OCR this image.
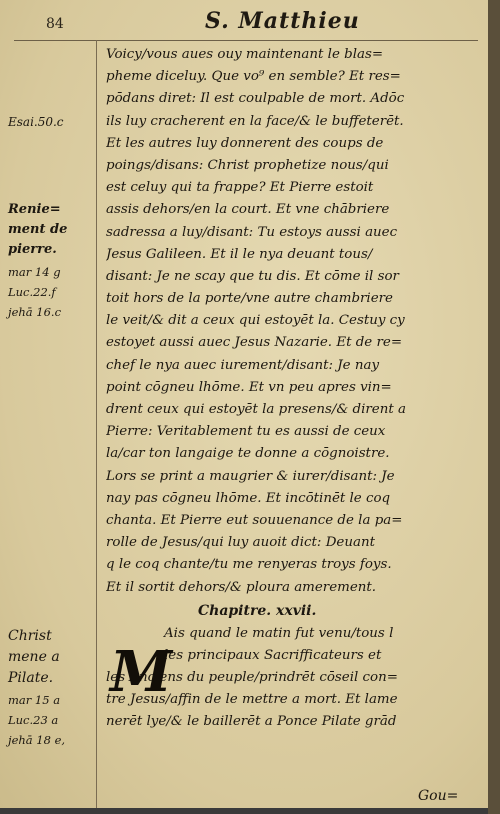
84	S. Matthieu
Esai.50.c
Renie=
ment de
pierre.
mar 14 g
Luc.22.f
jehā 16.c
Christ
mene a
Pilate.
mar 15 a
Luc.23 a
jehā 18 e,
Voicy/vous aues ouy maintenant le blas=
pheme diceluy. Que vo⁹ en semble? Et res=
pōdans diret: Il est coulpable de mort. Adōc
ils luy cracherent en la face/& le buffeterēt.
Et les autres luy donnerent des coups de
poings/disans: Christ prophetize nous/qui
est celuy qui ta frappe? Et Pierre estoit
assis dehors/en la court. Et vne chābriere
sadressa a luy/disant: Tu estoys aussi auec
Jesus Galileen. Et il le nya deuant tous/
disant: Je ne scay que tu dis. Et cōme il sor
toit hors de la porte/vne autre chambriere
le veit/& dit a ceux qui estoyēt la. Cestuy cy
estoyet aussi auec Jesus Nazarie. Et de re=
chef le nya auec iurement/disant: Je nay
point cōgneu lhōme. Et vn peu apres vin=
drent ceux qui estoyēt la presens/& dirent a
Pierre: Veritablement tu es aussi de ceux
la/car ton langaige te donne a cōgnoistre.
Lors se print a maugrier & iurer/disant: Je
nay pas cōgneu lhōme. Et incōtinēt le coq
chanta. Et Pierre eut souuenance de la pa=
rolle de Jesus/qui luy auoit dict: Deuant
q le coq chante/tu me renyeras troys foys.
Et il sortit dehors/& ploura amerement.
Chapitre. xxvii.
Ais quand le matin fut venu/tous l
les principaux Sacrifficateurs et
les Anciens du peuple/prindrēt cōseil con=
tre Jesus/affin de le mettre a mort. Et lame
nerēt lye/& le baillerēt a Ponce Pilate grād
M
Gou=
